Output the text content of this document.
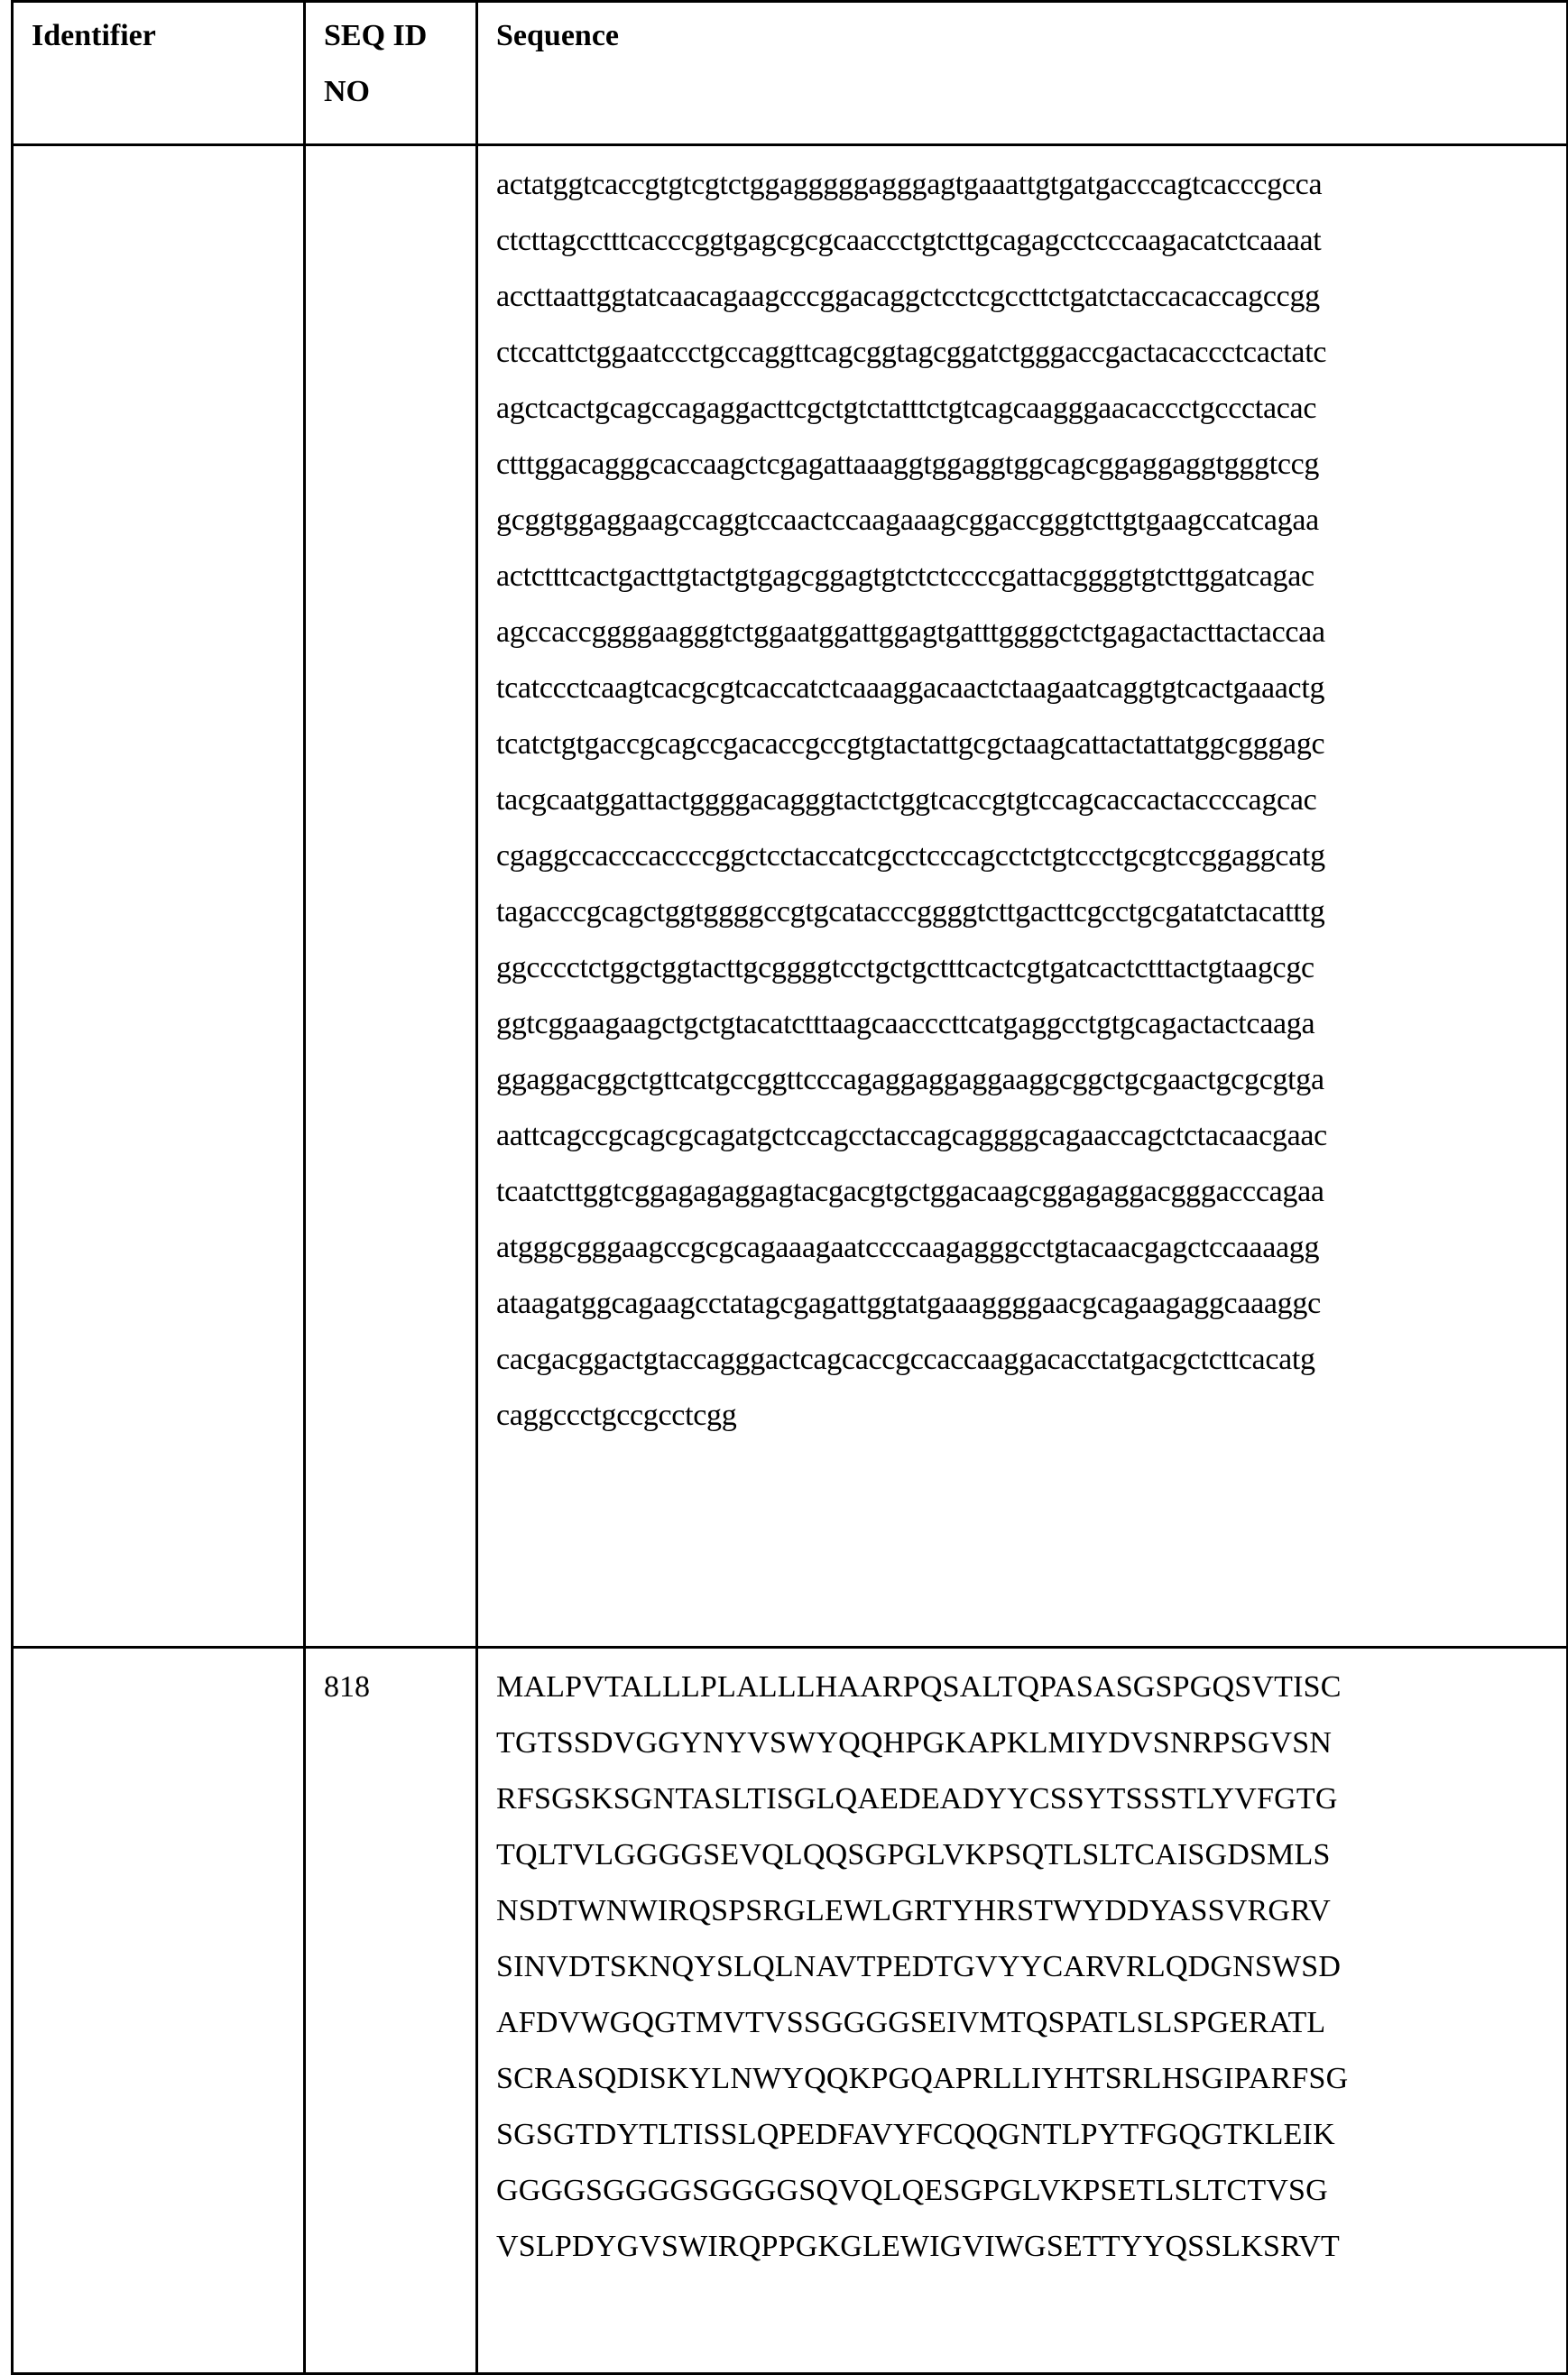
Identifier	SEQ ID NO	Sequence

actatggtcaccgtgtcgtctggagggggagggagtgaaattgtgatgacccagtcacccgcca
ctcttagcctttcacccggtgagcgcgcaaccctgtcttgcagagcctcccaagacatctcaaaat
accttaattggtatcaacagaagcccggacaggctcctcgccttctgatctaccacaccagccgg
ctccattctggaatccctgccaggttcagcggtagcggatctgggaccgactacaccctcactatc
agctcactgcagccagaggacttcgctgtctatttctgtcagcaagggaacaccctgccctacac
ctttggacagggcaccaagctcgagattaaaggtggaggtggcagcggaggaggtgggtccg
gcggtggaggaagccaggtccaactccaagaaagcggaccgggtcttgtgaagccatcagaa
actctttcactgacttgtactgtgagcggagtgtctctccccgattacggggtgtcttggatcagac
agccaccggggaagggtctggaatggattggagtgatttggggctctgagactacttactaccaa
tcatccctcaagtcacgcgtcaccatctcaaaggacaactctaagaatcaggtgtcactgaaactg
tcatctgtgaccgcagccgacaccgccgtgtactattgcgctaagcattactattatggcgggagc
tacgcaatggattactggggacagggtactctggtcaccgtgtccagcaccactaccccagcac
cgaggccacccaccccggctcctaccatcgcctcccagcctctgtccctgcgtccggaggcatg
tagacccgcagctggtggggccgtgcatacccggggtcttgacttcgcctgcgatatctacatttg
ggcccctctggctggtacttgcggggtcctgctgctttcactcgtgatcactctttactgtaagcgc
ggtcggaagaagctgctgtacatctttaagcaacccttcatgaggcctgtgcagactactcaaga
ggaggacggctgttcatgccggttcccagaggaggaggaaggcggctgcgaactgcgcgtga
aattcagccgcagcgcagatgctccagcctaccagcaggggcagaaccagctctacaacgaac
tcaatcttggtcggagagaggagtacgacgtgctggacaagcggagaggacgggacccagaa
atgggcgggaagccgcgcagaaagaatccccaagagggcctgtacaacgagctccaaaagg
ataagatggcagaagcctatagcgagattggtatgaaaggggaacgcagaagaggcaaaggc
cacgacggactgtaccagggactcagcaccgccaccaaggacacctatgacgctcttcacatg
caggccctgccgcctcgg

	818	MALPVTALLLPLALLLHAARPQSALTQPASASGSPGQSVTISC
TGTSSDVGGYNYVSWYQQHPGKAPKLMIYDVSNRPSGVSN
RFSGSKSGNTASLTISGLQAEDEADYYCSSYTSSSTLYVFGTG
TQLTVLGGGGSEVQLQQSGPGLVKPSQTLSLTCAISGDSMLS
NSDTWNWIRQSPSRGLEWLGRTYHRSTWYDDYASSVRGRV
SINVDTSKNQYSLQLNAVTPEDTGVYYCARVRLQDGNSWSD
AFDVWGQGTMVTVSSGGGGSEIVMTQSPATLSLSPGERATL
SCRASQDISKYLNWYQQKPGQAPRLLIYHTSRLHSGIPARFSG
SGSGTDYTLTISSLQPEDFAVYFCQQGNTLPYTFGQGTKLEIK
GGGGSGGGGSGGGGSQVQLQESGPGLVKPSETLSLTCTVSG
VSLPDYGVSWIRQPPGKGLEWIGVIWGSETTYYQSSLKSRVT
